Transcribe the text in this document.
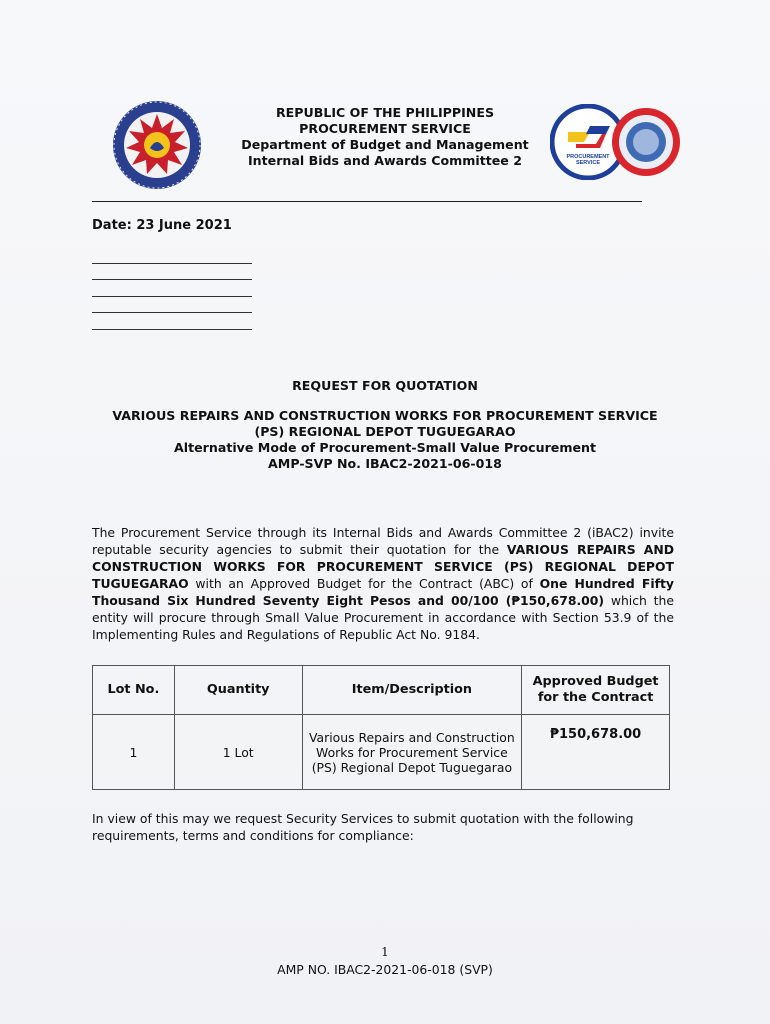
REPUBLIC OF THE PHILIPPINES
PROCUREMENT SERVICE
Department of Budget and Management
Internal Bids and Awards Committee 2	PROCUREMENT
SERVICE
Date: 23 June 2021
REQUEST FOR QUOTATION
VARIOUS REPAIRS AND CONSTRUCTION WORKS FOR PROCUREMENT SERVICE
(PS) REGIONAL DEPOT TUGUEGARAO
Alternative Mode of Procurement-Small Value Procurement
AMP-SVP No. IBAC2-2021-06-018
The Procurement Service through its Internal Bids and Awards Committee 2 (iBAC2) invite reputable security agencies to submit their quotation for the VARIOUS REPAIRS AND CONSTRUCTION WORKS FOR PROCUREMENT SERVICE (PS) REGIONAL DEPOT TUGUEGARAO with an Approved Budget for the Contract (ABC) of One Hundred Fifty Thousand Six Hundred Seventy Eight Pesos and 00/100 (₱150,678.00) which the entity will procure through Small Value Procurement in accordance with Section 53.9 of the Implementing Rules and Regulations of Republic Act No. 9184.
Lot No.	Quantity	Item/Description	Approved Budget for the Contract
1	1 Lot	Various Repairs and Construction Works for Procurement Service (PS) Regional Depot Tuguegarao	₱150,678.00
In view of this may we request Security Services to submit quotation with the following requirements, terms and conditions for compliance:
1
AMP NO. IBAC2-2021-06-018 (SVP)
